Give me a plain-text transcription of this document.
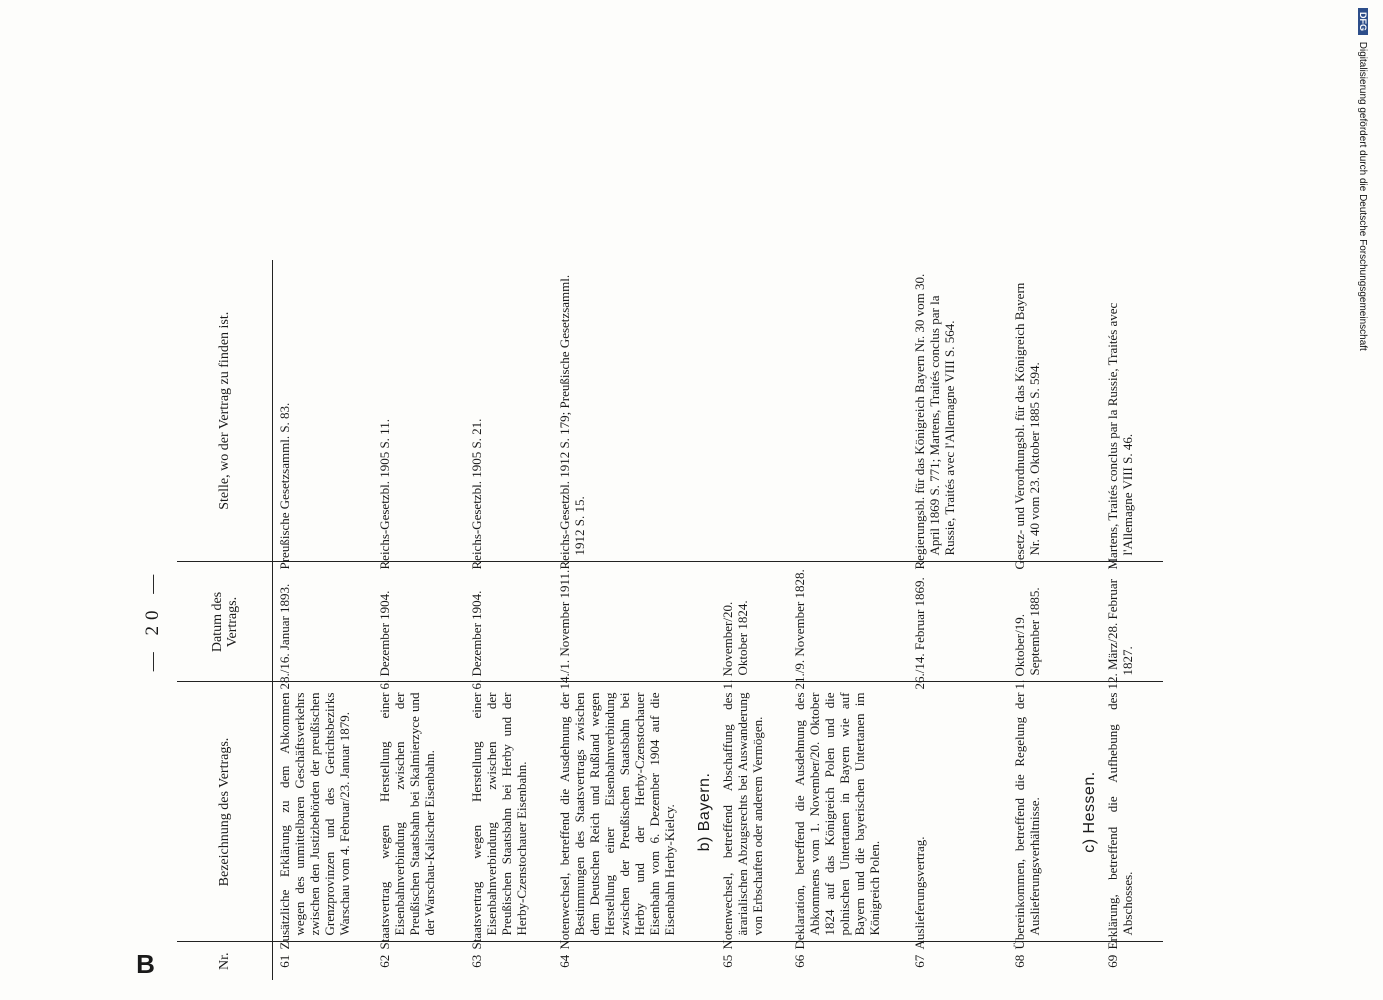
B
— 20 —
Nr.	Bezeichnung des Vertrags.	Datum des Vertrags.	Stelle, wo der Vertrag zu finden ist.
61	Zusätzliche Erklärung zu dem Abkommen wegen des unmittelbaren Geschäftsverkehrs zwischen den Justizbehörden der preußischen Grenzprovinzen und des Gerichtsbezirks Warschau vom 4. Februar/23. Januar 1879.	28./16. Januar 1893.	Preußische Gesetzsamml. S. 83.
62	Staatsvertrag wegen Herstellung einer Eisenbahnverbindung zwischen der Preußischen Staatsbahn bei Skalmierzyce und der Warschau-Kalischer Eisenbahn.	6. Dezember 1904.	Reichs-Gesetzbl. 1905 S. 11.
63	Staatsvertrag wegen Herstellung einer Eisenbahnverbindung zwischen der Preußischen Staatsbahn bei Herby und der Herby-Czenstochauer Eisenbahn.	6. Dezember 1904.	Reichs-Gesetzbl. 1905 S. 21.
64	Notenwechsel, betreffend die Ausdehnung der Bestimmungen des Staatsvertrags zwischen dem Deutschen Reich und Rußland wegen Herstellung einer Eisenbahnverbindung zwischen der Preußischen Staatsbahn bei Herby und der Herby-Czenstochauer Eisenbahn vom 6. Dezember 1904 auf die Eisenbahn Herby-Kielcy.	14./1. November 1911.	Reichs-Gesetzbl. 1912 S. 179; Preußische Gesetzsamml. 1912 S. 15.
	b) Bayern.		
65	Notenwechsel, betreffend Abschaffung des ärarialischen Abzugsrechts bei Auswanderung von Erbschaften oder anderem Vermögen.	1. November/20. Oktober 1824.	
66	Deklaration, betreffend die Ausdehnung des Abkommens vom 1. November/20. Oktober 1824 auf das Königreich Polen und die polnischen Untertanen in Bayern wie auf Bayern und die bayerischen Untertanen im Königreich Polen.	21./9. November 1828.	
67	Auslieferungsvertrag.	26./14. Februar 1869.	Regierungsbl. für das Königreich Bayern Nr. 30 vom 30. April 1869 S. 771; Martens, Traités conclus par la Russie, Traités avec l'Allemagne VIII S. 564.
68	Übereinkommen, betreffend die Regelung der Auslieferungsverhältnisse.	1. Oktober/19. September 1885.	Gesetz- und Verordnungsbl. für das Königreich Bayern Nr. 40 vom 23. Oktober 1885 S. 594.
	c) Hessen.		
69	Erklärung, betreffend die Aufhebung des Abschosses.	12. März/28. Februar 1827.	Martens, Traités conclus par la Russie, Traités avec l'Allemagne VIII S. 46.
DFG Digitalisierung gefördert durch die Deutsche Forschungsgemeinschaft
